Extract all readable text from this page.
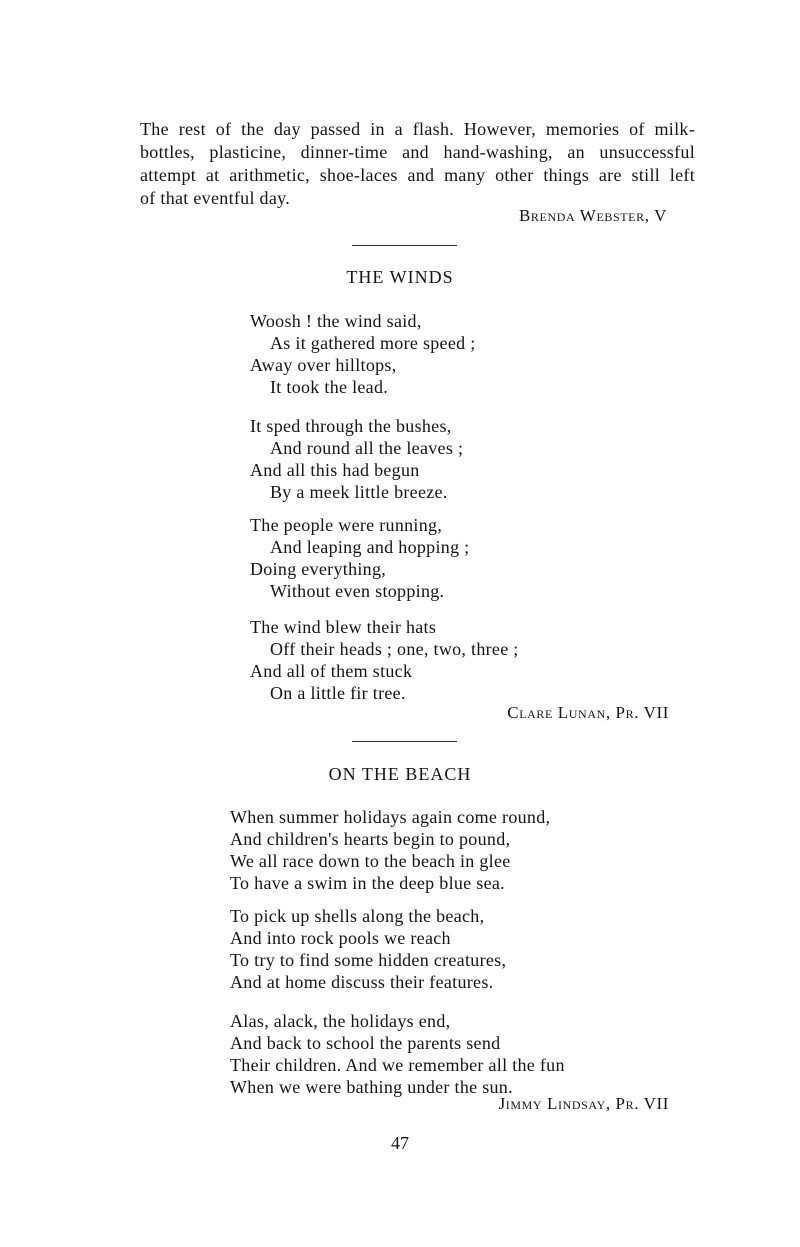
The rest of the day passed in a flash. However, memories of milk-
bottles, plasticine, dinner-time and hand-washing, an unsuccessful
attempt at arithmetic, shoe-laces and many other things are still left
of that eventful day.
Brenda Webster, V
THE WINDS
Woosh ! the wind said,
As it gathered more speed ;
Away over hilltops,
It took the lead.
It sped through the bushes,
And round all the leaves ;
And all this had begun
By a meek little breeze.
The people were running,
And leaping and hopping ;
Doing everything,
Without even stopping.
The wind blew their hats
Off their heads ; one, two, three ;
And all of them stuck
On a little fir tree.
Clare Lunan, Pr. VII
ON THE BEACH
When summer holidays again come round,
And children's hearts begin to pound,
We all race down to the beach in glee
To have a swim in the deep blue sea.
To pick up shells along the beach,
And into rock pools we reach
To try to find some hidden creatures,
And at home discuss their features.
Alas, alack, the holidays end,
And back to school the parents send
Their children. And we remember all the fun
When we were bathing under the sun.
Jimmy Lindsay, Pr. VII
47
